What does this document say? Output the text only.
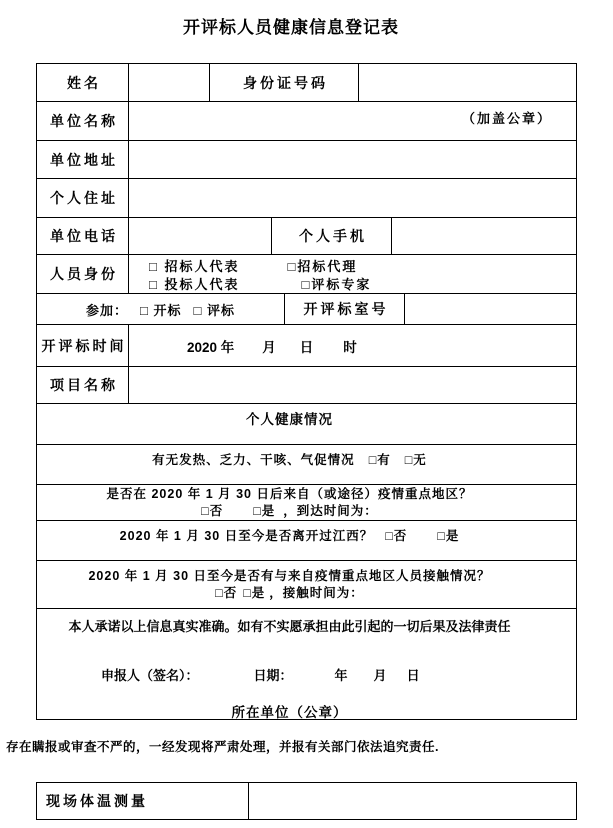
开评标人员健康信息登记表
姓名	身份证号码
单位名称	（加盖公章）
单位地址
个人住址
单位电话	个人手机
人员身份	□ 招标人代表	□招标代理
□ 投标人代表	□评标专家
参加： □ 开标 □ 评标	开评标室号
开评标时间	2020 年 月 日 时
项目名称
个人健康情况
有无发热、乏力、干咳、气促情况 □有 □无
是否在 2020 年 1 月 30 日后来自（或途径）疫情重点地区？
□否 □是 ，到达时间为：
2020 年 1 月 30 日至今是否离开过江西？ □否 □是
2020 年 1 月 30 日至今是否有与来自疫情重点地区人员接触情况？
□否 □是 ，接触时间为：
本人承诺以上信息真实准确。如有不实愿承担由此引起的一切后果及法律责任
申报人（签名）：	日期：	年 月 日
所在单位（公章）
存在瞒报或审查不严的，一经发现将严肃处理，并报有关部门依法追究责任.
现场体温测量
